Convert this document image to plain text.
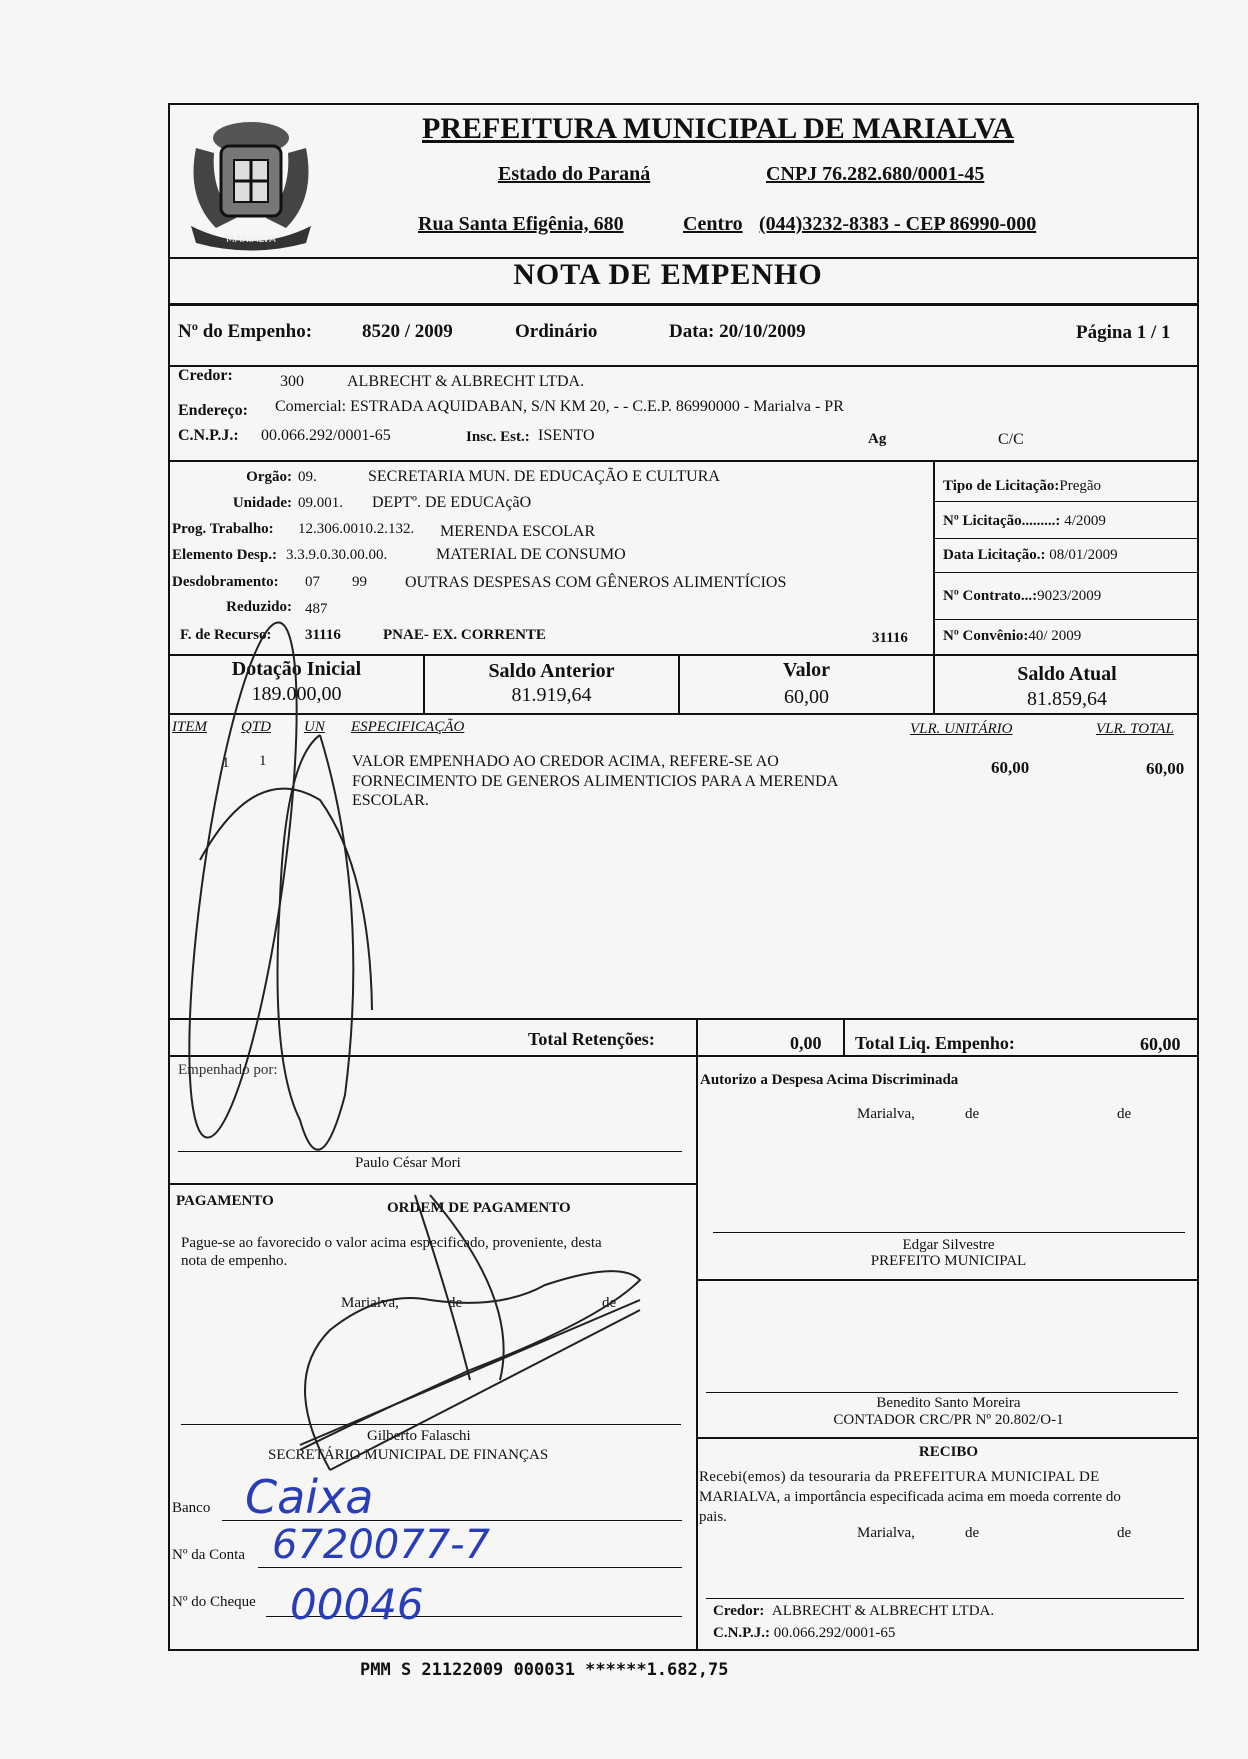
MARIALVA
PREFEITURA MUNICIPAL DE MARIALVA
Estado do Paraná	CNPJ 76.282.680/0001-45
Rua Santa Efigênia, 680	Centro (044)3232-8383 - CEP 86990-000
NOTA DE EMPENHO
Nº do Empenho:	8520 / 2009	Ordinário	Data: 20/10/2009	Página 1 / 1
Credor:	300	ALBRECHT & ALBRECHT LTDA.
Endereço: Comercial: ESTRADA AQUIDABAN, S/N KM 20, - - C.E.P. 86990000 - Marialva - PR
C.N.P.J.: 00.066.292/0001-65	Insc. Est.: ISENTO	Ag	C/C
Orgão: 09.	SECRETARIA MUN. DE EDUCAÇÃO E CULTURA
Unidade: 09.001. DEPTº. DE EDUCAçãO
Prog. Trabalho: 12.306.0010.2.132. MERENDA ESCOLAR
Elemento Desp.: 3.3.9.0.30.00.00.	MATERIAL DE CONSUMO
Desdobramento: 07 99 OUTRAS DESPESAS COM GÊNEROS ALIMENTÍCIOS
Reduzido: 487
F. de Recurso: 31116	PNAE- EX. CORRENTE	31116
Tipo de Licitação:Pregão
Nº Licitação.........: 4/2009
Data Licitação.: 08/01/2009
Nº Contrato...:9023/2009
Nº Convênio:40/ 2009
Dotação Inicial
189.000,00
Saldo Anterior
81.919,64
Valor
60,00
Saldo Atual
81.859,64
ITEM QTD UN ESPECIFICAÇÃO	VLR. UNITÁRIO	VLR. TOTAL
1 1	VALOR EMPENHADO AO CREDOR ACIMA, REFERE-SE AO
FORNECIMENTO DE GENEROS ALIMENTICIOS PARA A MERENDA
ESCOLAR.
60,00	60,00
Total Retenções:	0,00 Total Liq. Empenho:	60,00
Empenhado por:
Paulo César Mori
PAGAMENTO	ORDEM DE PAGAMENTO
Pague-se ao favorecido o valor acima especificado, proveniente, desta
nota de empenho.
Marialva,	de	de
Gilberto Falaschi
SECRETÁRIO MUNICIPAL DE FINANÇAS
Banco Caixa
Nº da Conta 6720077-7
Nº do Cheque 00046
Autorizo a Despesa Acima Discriminada
Marialva,	de	de
Edgar Silvestre
PREFEITO MUNICIPAL
Benedito Santo Moreira
CONTADOR CRC/PR Nº 20.802/O-1
RECIBO
Recebi(emos) da tesouraria da PREFEITURA MUNICIPAL DE
MARIALVA, a importância especificada acima em moeda corrente do
pais.
Marialva,	de	de
Credor: ALBRECHT & ALBRECHT LTDA.
C.N.P.J.: 00.066.292/0001-65
PMM S 21122009 000031 ******1.682,75
